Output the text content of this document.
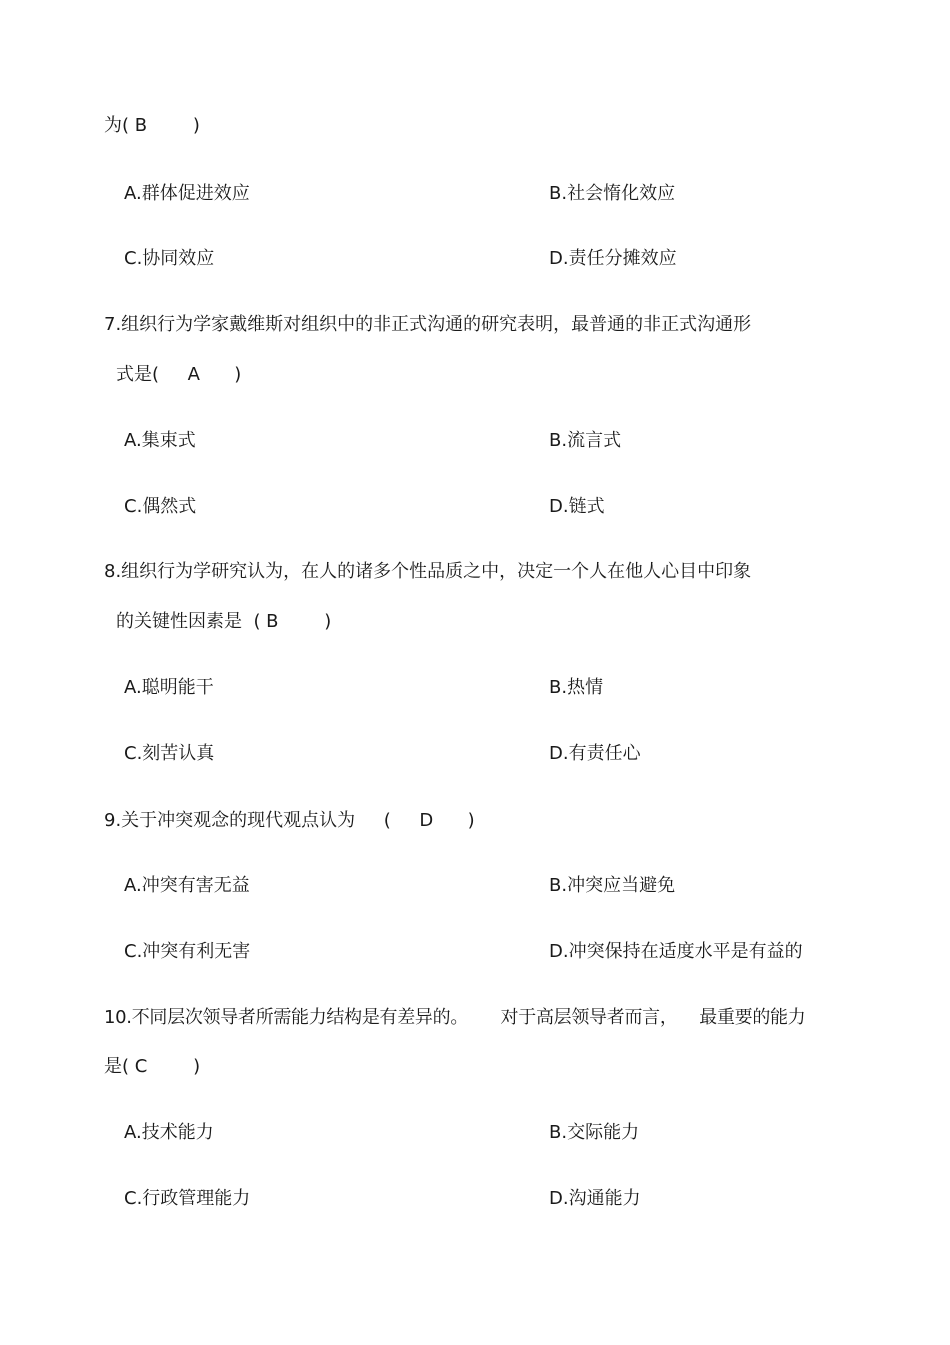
为( B        )
A.群体促进效应	B.社会惰化效应
C.协同效应	D.责任分摊效应
7.组织行为学家戴维斯对组织中的非正式沟通的研究表明，最普通的非正式沟通形
式是(     A      )
A.集束式	B.流言式
C.偶然式	D.链式
8.组织行为学研究认为，在人的诸多个性品质之中，决定一个人在他人心目中印象
的关键性因素是  ( B        )
A.聪明能干	B.热情
C.刻苦认真	D.有责任心
9.关于冲突观念的现代观点认为     (     D      )
A.冲突有害无益	B.冲突应当避免
C.冲突有利无害	D.冲突保持在适度水平是有益的
10.不同层次领导者所需能力结构是有差异的。      对于高层领导者而言，    最重要的能力
是( C        )
A.技术能力	B.交际能力
C.行政管理能力	D.沟通能力
